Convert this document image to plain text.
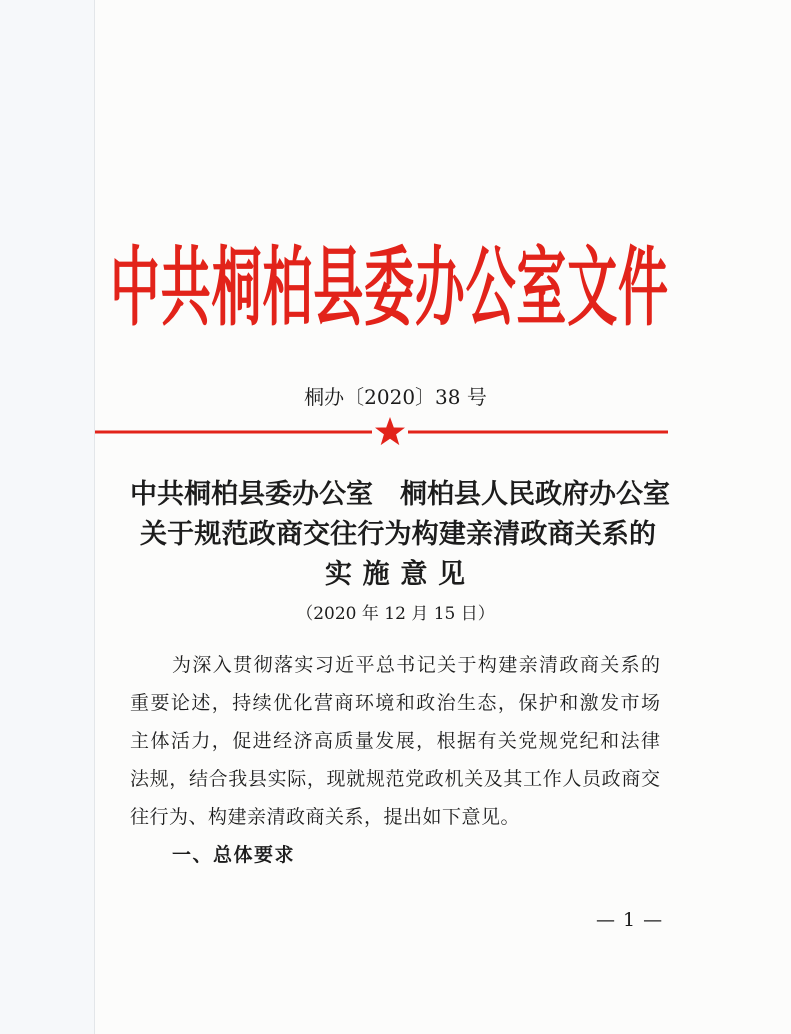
中共桐柏县委办公室文件
桐办〔2020〕38 号
中共桐柏县委办公室　桐柏县人民政府办公室
关于规范政商交往行为构建亲清政商关系的
实施意见
（2020 年 12 月 15 日）
为深入贯彻落实习近平总书记关于构建亲清政商关系的
重要论述，持续优化营商环境和政治生态，保护和激发市场
主体活力，促进经济高质量发展，根据有关党规党纪和法律
法规，结合我县实际，现就规范党政机关及其工作人员政商交
往行为、构建亲清政商关系，提出如下意见。
一、总体要求
— 1 —
